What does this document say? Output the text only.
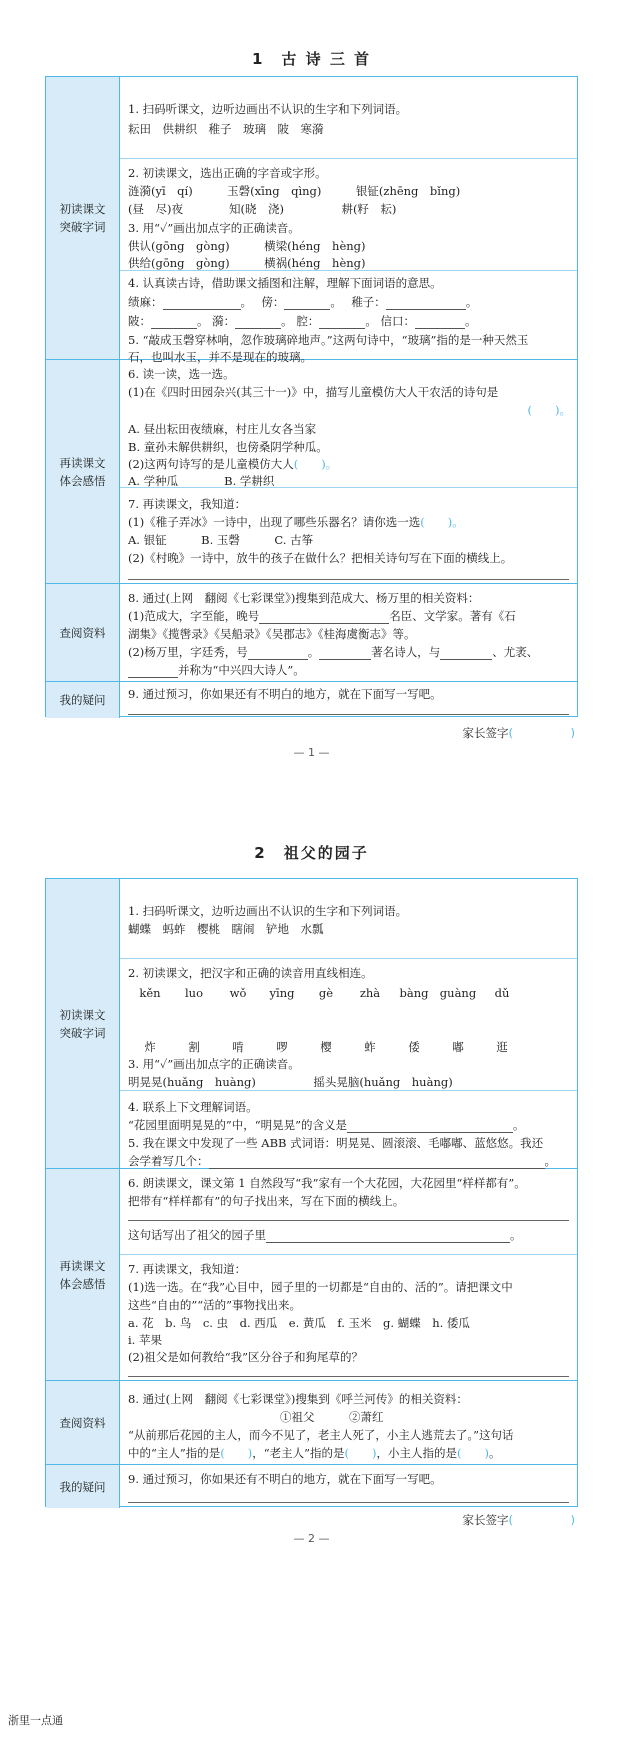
1　古 诗 三 首
初读课文
突破字词
1. 扫码听课文，边听边画出不认识的生字和下列词语。
耘田　供耕织　稚子　玻璃　陂　寒漪
2. 初读课文，选出正确的字音或字形。
涟漪(yī　qí)　　　玉磬(xīng　qìng)　　　银钲(zhēng　bǐng)
(昼　尽)夜　　　　知(晓　浇)　　　　　耕(籽　耘)
3. 用“✓”画出加点字的正确读音。
供认(gōng　gòng)　　　横梁(héng　hèng)
供给(gōng　gòng)　　　横祸(héng　hèng)
4. 认真读古诗，借助课文插图和注解，理解下面词语的意思。
绩麻：	。　 傍：	。　 稚子：	。
陂：	。 漪：	。 腔：	。 信口：	。
5. “敲成玉磬穿林响，忽作玻璃碎地声。”这两句诗中，“玻璃”指的是一种天然玉
石，也叫水玉，并不是现在的玻璃。
再读课文
体会感悟
6. 读一读，选一选。
(1)在《四时田园杂兴(其三十一)》中，描写儿童模仿大人干农活的诗句是
(　　)。
A. 昼出耘田夜绩麻，村庄儿女各当家
B. 童孙未解供耕织，也傍桑阴学种瓜。
(2)这两句诗写的是儿童模仿大人(　　)。
A. 学种瓜　　　　B. 学耕织
7. 再读课文，我知道：
(1)《稚子弄冰》一诗中，出现了哪些乐器名？请你选一选(　　)。
A. 银钲　　　B. 玉磬　　　C. 古筝
(2)《村晚》一诗中，放牛的孩子在做什么？把相关诗句写在下面的横线上。
查阅资料
8. 通过(上网　翻阅《七彩课堂》)搜集到范成大、杨万里的相关资料：
(1)范成大，字至能，晚号	名臣、文学家。著有《石
湖集》《揽辔录》《吴船录》《吴郡志》《桂海虞衡志》等。
(2)杨万里，字廷秀，号	。	著名诗人，与	、尤袤、
并称为“中兴四大诗人”。
我的疑问	9. 通过预习，你如果还有不明白的地方，就在下面写一写吧。
家长签字(　　　　　)
— 1 —
2　祖父的园子
初读课文
突破字词
1. 扫码听课文，边听边画出不认识的生字和下列词语。
蝴蝶　蚂蚱　樱桃　瞎闹　铲地　水瓢
2. 初读课文，把汉字和正确的读音用直线相连。
kěn luo wǒ yīng gè zhà bàng guàng dǔ
炸	割	啃	啰	樱	蚱	倭	嘟	逛
3. 用“✓”画出加点字的正确读音。
明晃晃(huǎng　huàng)　　　　　摇头晃脑(huǎng　huàng)
4. 联系上下文理解词语。
“花园里面明晃晃的”中，“明晃晃”的含义是	。
5. 我在课文中发现了一些 ABB 式词语：明晃晃、圆滚滚、毛嘟嘟、蓝悠悠。我还
会学着写几个：	。
再读课文
体会感悟
6. 朗读课文，课文第 1 自然段写“我”家有一个大花园，大花园里“样样都有”。
把带有“样样都有”的句子找出来，写在下面的横线上。
这句话写出了祖父的园子里	。
7. 再读课文，我知道：
(1)选一选。在“我”心目中，园子里的一切都是“自由的、活的”。请把课文中
这些“自由的”“活的”事物找出来。
a. 花　b. 鸟　c. 虫　d. 西瓜　e. 黄瓜　f. 玉米　g. 蝴蝶　h. 倭瓜
i. 苹果
(2)祖父是如何教给“我”区分谷子和狗尾草的？
查阅资料
8. 通过(上网　翻阅《七彩课堂》)搜集到《呼兰河传》的相关资料：
①祖父　　　②萧红
“从前那后花园的主人，而今不见了，老主人死了，小主人逃荒去了。”这句话
中的“主人”指的是(　　)，“老主人”指的是(　　)，小主人指的是(　　)。
我的疑问
9. 通过预习，你如果还有不明白的地方，就在下面写一写吧。
家长签字(　　　　　)
— 2 —
浙里一点通
